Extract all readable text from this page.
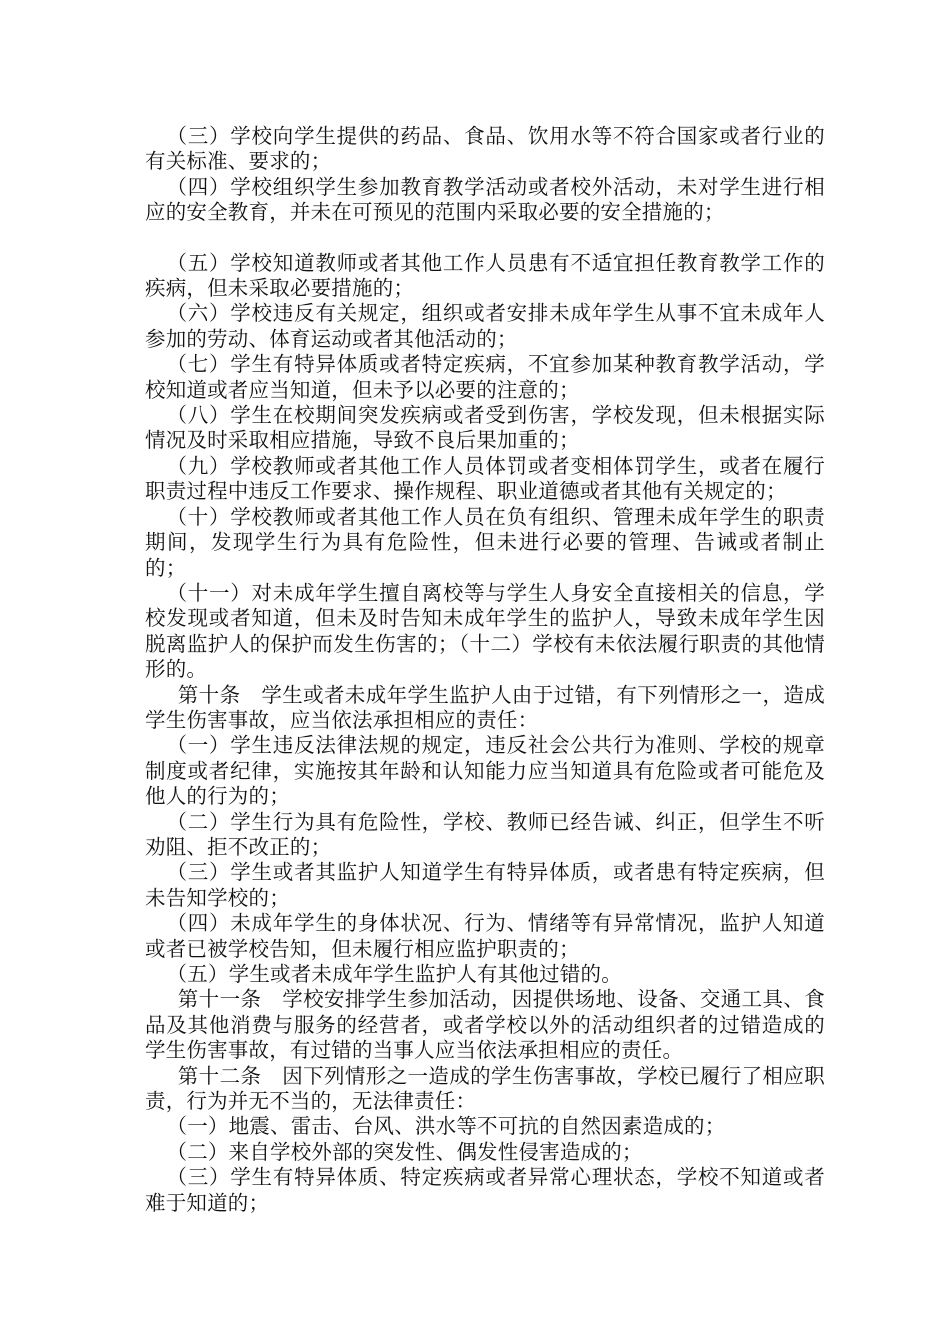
（三）学校向学生提供的药品、食品、饮用水等不符合国家或者行业的有关标准、要求的；

（四）学校组织学生参加教育教学活动或者校外活动，未对学生进行相应的安全教育，并未在可预见的范围内采取必要的安全措施的；

（五）学校知道教师或者其他工作人员患有不适宜担任教育教学工作的疾病，但未采取必要措施的；

（六）学校违反有关规定，组织或者安排未成年学生从事不宜未成年人参加的劳动、体育运动或者其他活动的；

（七）学生有特异体质或者特定疾病，不宜参加某种教育教学活动，学校知道或者应当知道，但未予以必要的注意的；

（八）学生在校期间突发疾病或者受到伤害，学校发现，但未根据实际情况及时采取相应措施，导致不良后果加重的；

（九）学校教师或者其他工作人员体罚或者变相体罚学生，或者在履行职责过程中违反工作要求、操作规程、职业道德或者其他有关规定的；

（十）学校教师或者其他工作人员在负有组织、管理未成年学生的职责期间，发现学生行为具有危险性，但未进行必要的管理、告诫或者制止的；

（十一）对未成年学生擅自离校等与学生人身安全直接相关的信息，学校发现或者知道，但未及时告知未成年学生的监护人，导致未成年学生因脱离监护人的保护而发生伤害的；（十二）学校有未依法履行职责的其他情形的。

第十条　学生或者未成年学生监护人由于过错，有下列情形之一，造成学生伤害事故，应当依法承担相应的责任：

（一）学生违反法律法规的规定，违反社会公共行为准则、学校的规章制度或者纪律，实施按其年龄和认知能力应当知道具有危险或者可能危及他人的行为的；

（二）学生行为具有危险性，学校、教师已经告诫、纠正，但学生不听劝阻、拒不改正的；

（三）学生或者其监护人知道学生有特异体质，或者患有特定疾病，但未告知学校的；

（四）未成年学生的身体状况、行为、情绪等有异常情况，监护人知道或者已被学校告知，但未履行相应监护职责的；

（五）学生或者未成年学生监护人有其他过错的。

第十一条　学校安排学生参加活动，因提供场地、设备、交通工具、食品及其他消费与服务的经营者，或者学校以外的活动组织者的过错造成的学生伤害事故，有过错的当事人应当依法承担相应的责任。

第十二条　因下列情形之一造成的学生伤害事故，学校已履行了相应职责，行为并无不当的，无法律责任：

（一）地震、雷击、台风、洪水等不可抗的自然因素造成的；

（二）来自学校外部的突发性、偶发性侵害造成的；

（三）学生有特异体质、特定疾病或者异常心理状态，学校不知道或者难于知道的；
